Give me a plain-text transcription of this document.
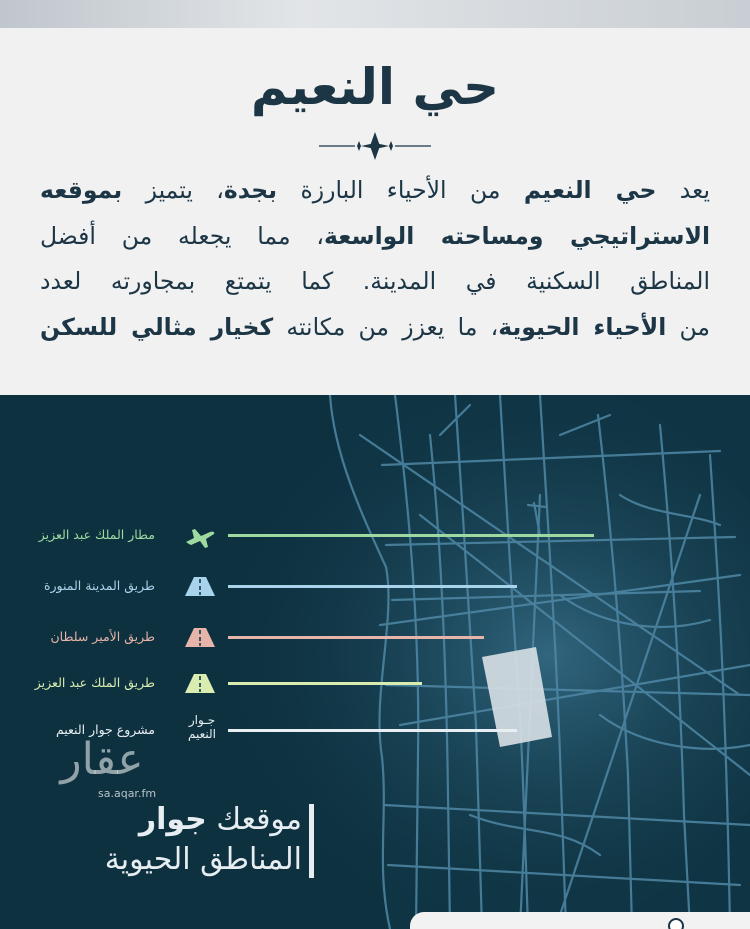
حي النعيم
يعد حي النعيم من الأحياء البارزة بجدة، يتميز بموقعه
الاستراتيجي ومساحته الواسعة، مما يجعله من أفضل
المناطق السكنية في المدينة. كما يتمتع بمجاورته لعدد
من الأحياء الحيوية، ما يعزز من مكانته كخيار مثالي للسكن
مطار الملك عبد العزيز
طريق المدينة المنورة
طريق الأمير سلطان
طريق الملك عبد العزيز
مشروع جوار النعيم
جـوار
النعيم
عقار
sa.aqar.fm
موقعك جوار
المناطق الحيوية
